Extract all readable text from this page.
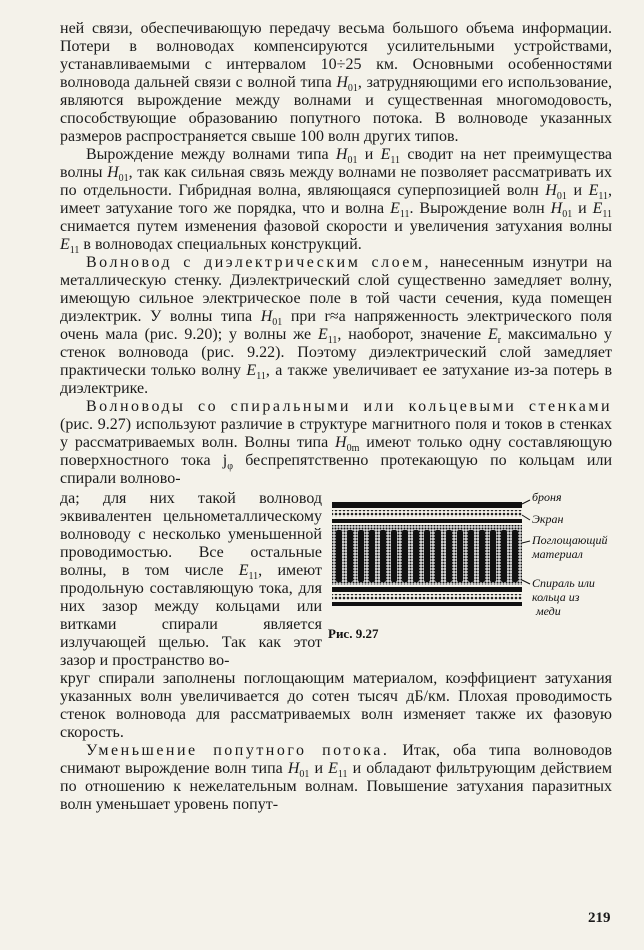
ней связи, обеспечивающую передачу весьма большого объема информации. Потери в волноводах компенсируются усилительными устройствами, устанавливаемыми с интервалом 10÷25 км. Основными особенностями волновода дальней связи с волной типа $H_{01}$, затрудняющими его использование, являются вырождение между волнами и существенная многомодовость, способствующие образованию попутного потока. В волноводе указанных размеров распространяется свыше 100 волн других типов.

Вырождение между волнами типа $H_{01}$ и $E_{11}$ сводит на нет преимущества волны $H_{01}$, так как сильная связь между волнами не позволяет рассматривать их по отдельности. Гибридная волна, являющаяся суперпозицией волн $H_{01}$ и $E_{11}$, имеет затухание того же порядка, что и волна $E_{11}$. Вырождение волн $H_{01}$ и $E_{11}$ снимается путем изменения фазовой скорости и увеличения затухания волны $E_{11}$ в волноводах специальных конструкций.

Волновод с диэлектрическим слоем, нанесенным изнутри на металлическую стенку. Диэлектрический слой существенно замедляет волну, имеющую сильное электрическое поле в той части сечения, куда помещен диэлектрик. У волны типа $H_{01}$ при r≈a напряженность электрического поля очень мала (рис. 9.20); у волны же $E_{11}$, наоборот, значение $E_r$ максимально у стенок волновода (рис. 9.22). Поэтому диэлектрический слой замедляет практически только волну $E_{11}$, а также увеличивает ее затухание из-за потерь в диэлектрике.

Волноводы со спиральными или кольцевыми стенками (рис. 9.27) используют различие в структуре магнитного поля и токов в стенках у рассматриваемых волн. Волны типа $H_{0m}$ имеют только одну составляющую поверхностного тока $j_\varphi$ беспрепятственно протекающую по кольцам или спирали волново-

да; для них такой волновод эквивалентен цельнометаллическому волноводу с несколько уменьшенной проводимостью. Все остальные волны, в том числе $E_{11}$, имеют продольную составляющую тока, для них зазор между кольцами или витками спирали является излучающей щелью. Так как этот зазор и пространство во-

броня
Экран
Поглощающий
материал
Спираль или
кольца из
меди
Рис. 9.27

круг спирали заполнены поглощающим материалом, коэффициент затухания указанных волн увеличивается до сотен тысяч дБ/км. Плохая проводимость стенок волновода для рассматриваемых волн изменяет также их фазовую скорость.

Уменьшение попутного потока. Итак, оба типа волноводов снимают вырождение волн типа $H_{01}$ и $E_{11}$ и обладают фильтрующим действием по отношению к нежелательным волнам. Повышение затухания паразитных волн уменьшает уровень попут-

219
